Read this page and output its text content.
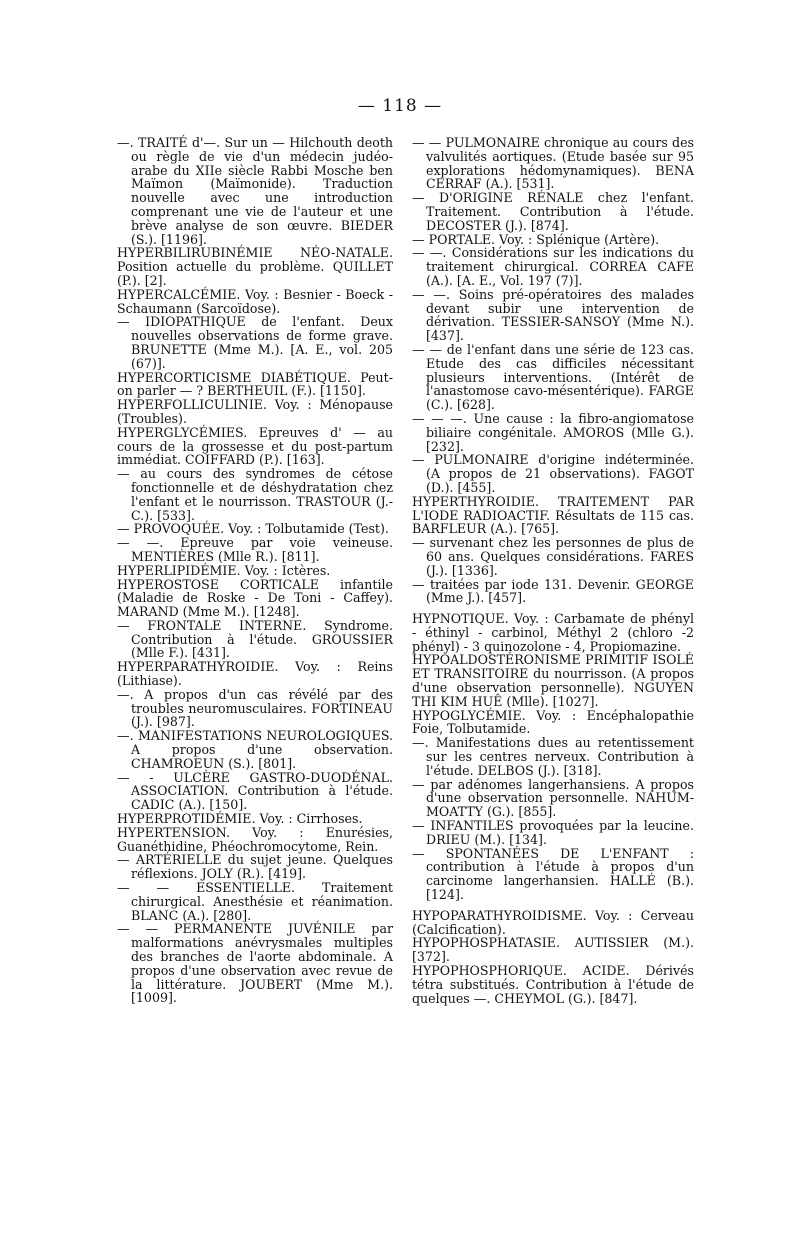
— 118 —

—. TRAITÉ d'—. Sur un — Hilchouth deoth ou règle de vie d'un médecin judéo-arabe du XIIe siècle Rabbi Mosche ben Maïmon (Maïmonide). Traduction nouvelle avec une introduction comprenant une vie de l'auteur et une brève analyse de son œuvre. BIEDER (S.). [1196].

HYPERBILIRUBINÉMIE NÉO-NATALE. Position actuelle du problème. QUILLET (P.). [2].

HYPERCALCÉMIE. Voy. : Besnier - Boeck - Schaumann (Sarcoïdose).

— IDIOPATHIQUE de l'enfant. Deux nouvelles observations de forme grave. BRUNETTE (Mme M.). [A. E., vol. 205 (67)].

HYPERCORTICISME DIABÉTIQUE. Peut-on parler — ? BERTHEUIL (F.). [1150].

HYPERFOLLICULINIE. Voy. : Ménopause (Troubles).

HYPERGLYCÉMIES. Epreuves d' — au cours de la grossesse et du post-partum immédiat. COIFFARD (P.). [163].

— au cours des syndromes de cétose fonctionnelle et de déshydratation chez l'enfant et le nourrisson. TRASTOUR (J.-C.). [533].

— PROVOQUÉE. Voy. : Tolbutamide (Test).

— —. Epreuve par voie veineuse. MENTIÈRES (Mlle R.). [811].

HYPERLIPIDÉMIE. Voy. : Ictères.

HYPEROSTOSE CORTICALE infantile (Maladie de Roske - De Toni - Caffey). MARAND (Mme M.). [1248].

— FRONTALE INTERNE. Syndrome. Contribution à l'étude. GROUSSIER (Mlle F.). [431].

HYPERPARATHYROIDIE. Voy. : Reins (Lithiase).

—. A propos d'un cas révélé par des troubles neuromusculaires. FORTINEAU (J.). [987].

—. MANIFESTATIONS NEUROLOGIQUES. A propos d'une observation. CHAMROEUN (S.). [801].

— - ULCÈRE GASTRO-DUODÉNAL. ASSOCIATION. Contribution à l'étude. CADIC (A.). [150].

HYPERPROTIDÉMIE. Voy. : Cirrhoses.

HYPERTENSION. Voy. : Enurésies, Guanéthidine, Phéochromocytome, Rein.

— ARTÉRIELLE du sujet jeune. Quelques réflexions. JOLY (R.). [419].

— — ESSENTIELLE. Traitement chirurgical. Anesthésie et réanimation. BLANC (A.). [280].

— — PERMANENTE JUVÉNILE par malformations anévrysmales multiples des branches de l'aorte abdominale. A propos d'une observation avec revue de la littérature. JOUBERT (Mme M.). [1009].

— — PULMONAIRE chronique au cours des valvulités aortiques. (Etude basée sur 95 explorations hédomynamiques). BENA CERRAF (A.). [531].

— D'ORIGINE RÉNALE chez l'enfant. Traitement. Contribution à l'étude. DECOSTER (J.). [874].

— PORTALE. Voy. : Splénique (Artère).

— —. Considérations sur les indications du traitement chirurgical. CORREA CAFE (A.). [A. E., Vol. 197 (7)].

— —. Soins pré-opératoires des malades devant subir une intervention de dérivation. TESSIER-SANSOY (Mme N.). [437].

— — de l'enfant dans une série de 123 cas. Etude des cas difficiles nécessitant plusieurs interventions. (Intérêt de l'anastomose cavo-mésentérique). FARGE (C.). [628].

— — —. Une cause : la fibro-angiomatose biliaire congénitale. AMOROS (Mlle G.). [232].

— PULMONAIRE d'origine indéterminée. (A propos de 21 observations). FAGOT (D.). [455].

HYPERTHYROIDIE. TRAITEMENT PAR L'IODE RADIOACTIF. Résultats de 115 cas. BARFLEUR (A.). [765].

— survenant chez les personnes de plus de 60 ans. Quelques considérations. FARES (J.). [1336].

— traitées par iode 131. Devenir. GEORGE (Mme J.). [457].

HYPNOTIQUE. Voy. : Carbamate de phényl - éthinyl - carbinol, Méthyl 2 (chloro -2 phényl) - 3 quinozolone - 4, Propiomazine.

HYPOALDOSTÉRONISME PRIMITIF ISOLÉ ET TRANSITOIRE du nourrisson. (A propos d'une observation personnelle). NGUYEN THI KIM HUÊ (Mlle). [1027].

HYPOGLYCÉMIE. Voy. : Encéphalopathie Foie, Tolbutamide.

—. Manifestations dues au retentissement sur les centres nerveux. Contribution à l'étude. DELBOS (J.). [318].

— par adénomes langerhansiens. A propos d'une observation personnelle. NAHUM-MOATTY (G.). [855].

— INFANTILES provoquées par la leucine. DRIEU (M.). [134].

— SPONTANÉES DE L'ENFANT : contribution à l'étude à propos d'un carcinome langerhansien. HALLÉ (B.). [124].

HYPOPARATHYROIDISME. Voy. : Cerveau (Calcification).

HYPOPHOSPHATASIE. AUTISSIER (M.). [372].

HYPOPHOSPHORIQUE. ACIDE. Dérivés tétra substitués. Contribution à l'étude de quelques —. CHEYMOL (G.). [847].
